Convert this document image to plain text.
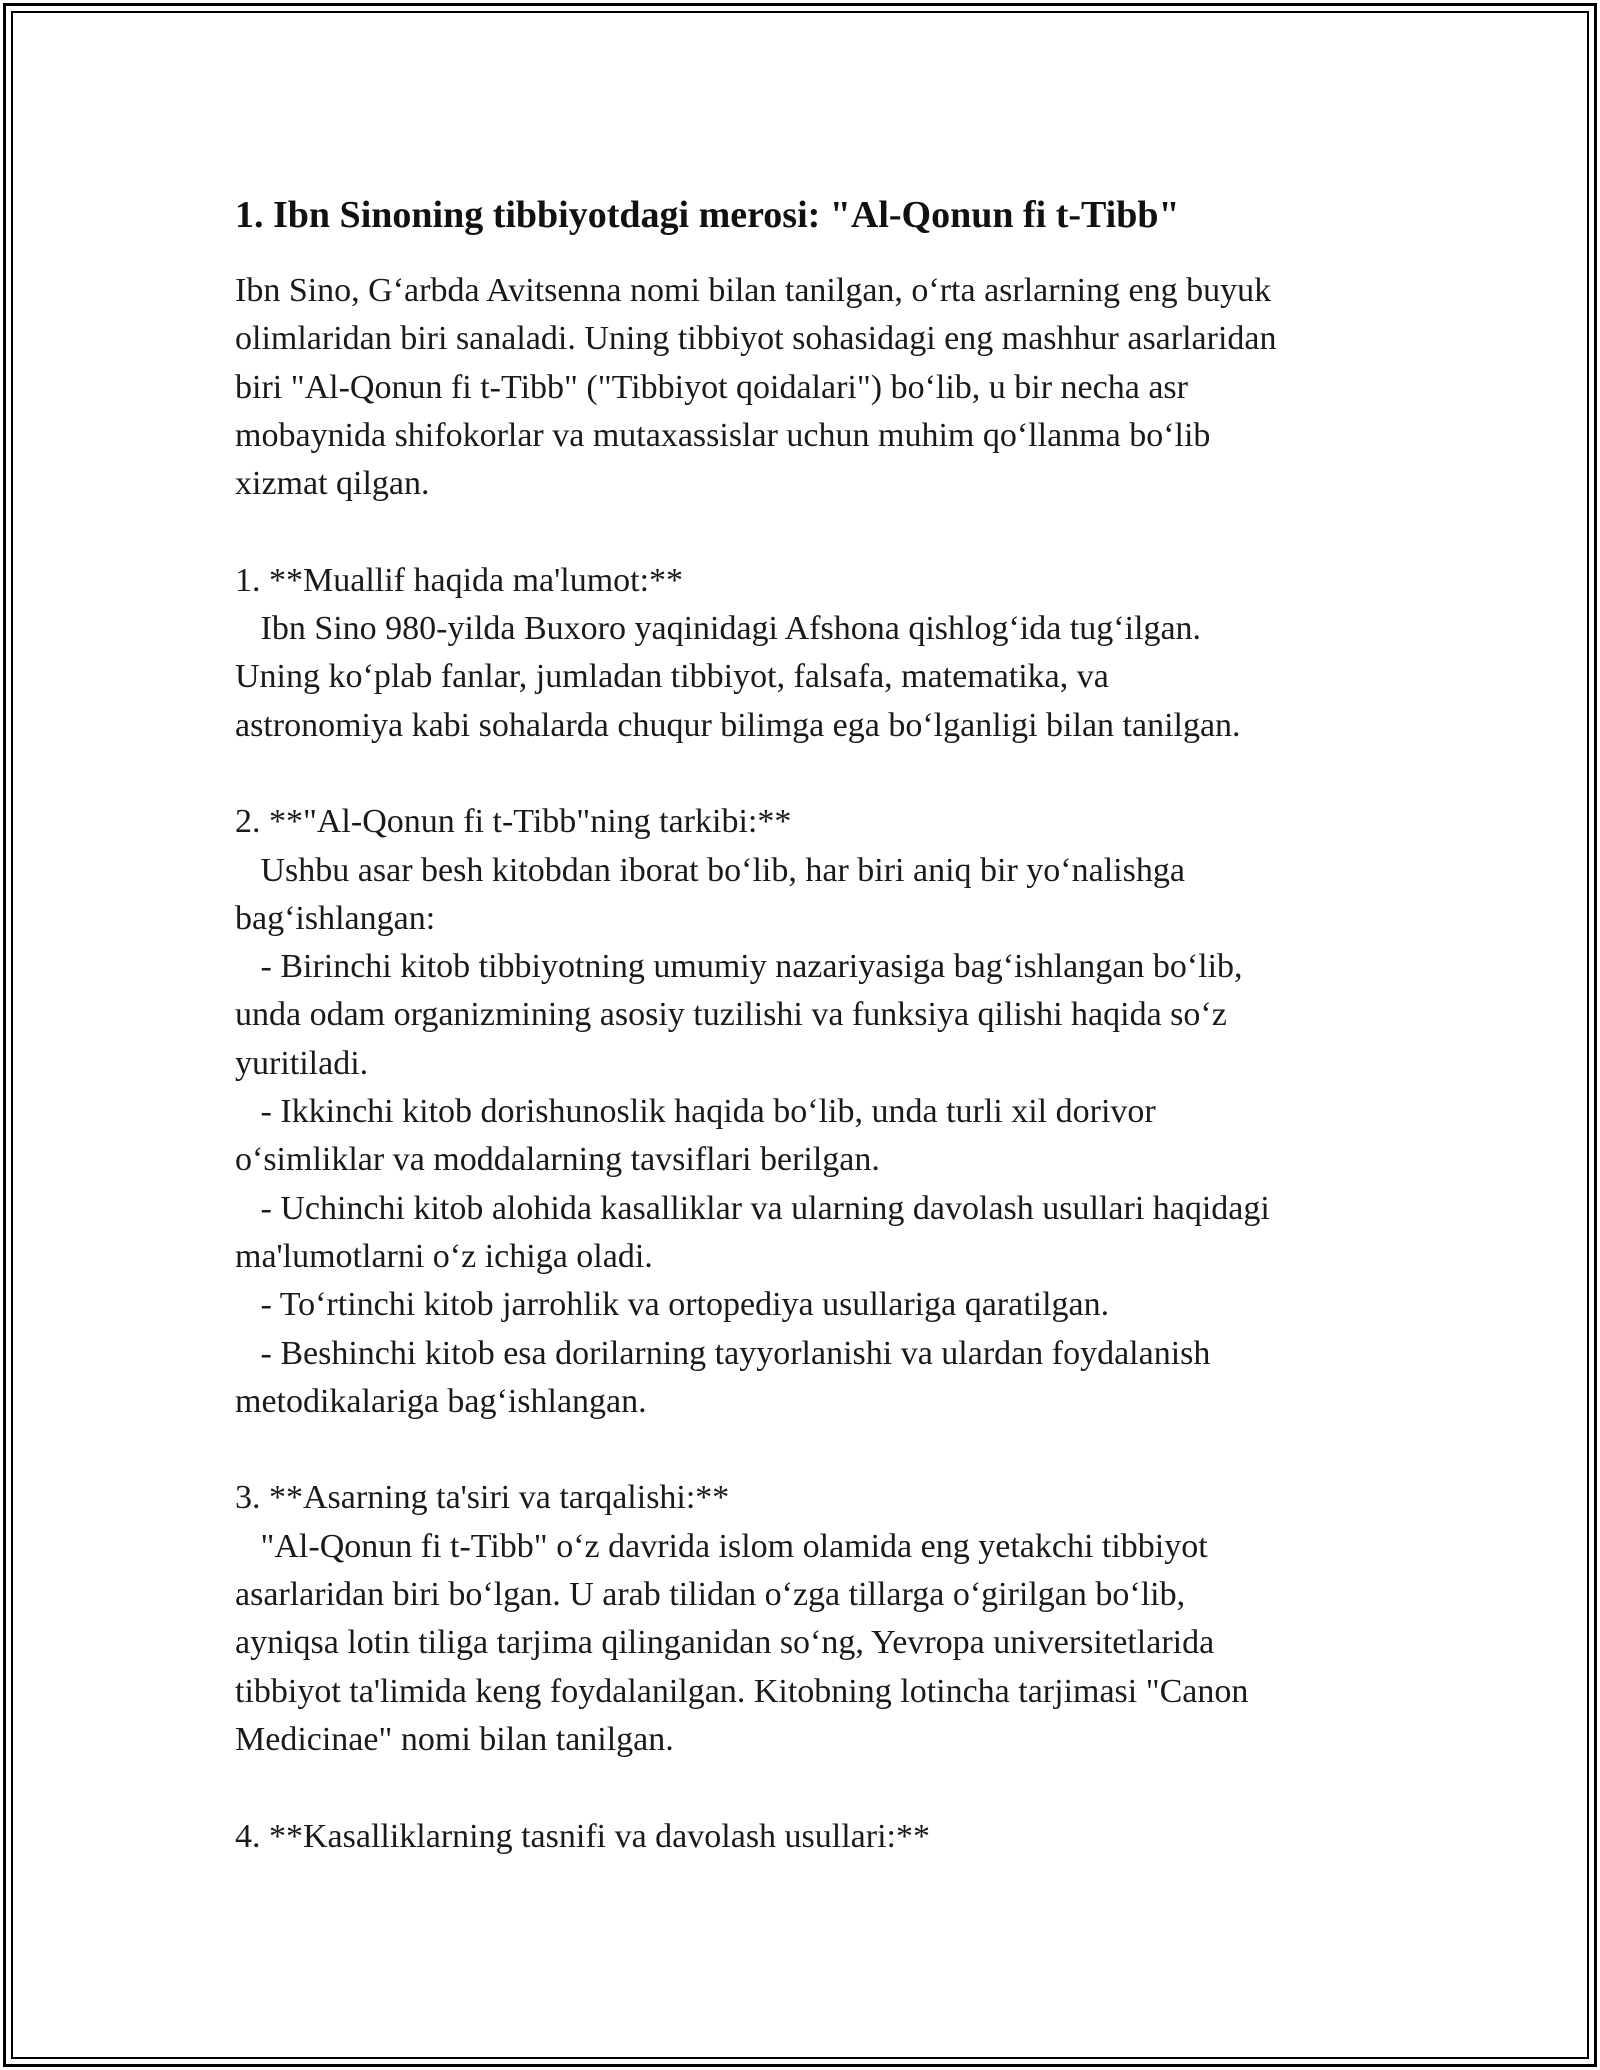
1. Ibn Sinoning tibbiyotdagi merosi: "Al-Qonun fi t-Tibb"

Ibn Sino, G‘arbda Avitsenna nomi bilan tanilgan, o‘rta asrlarning eng buyuk
olimlaridan biri sanaladi. Uning tibbiyot sohasidagi eng mashhur asarlaridan
biri "Al-Qonun fi t-Tibb" ("Tibbiyot qoidalari") bo‘lib, u bir necha asr
mobaynida shifokorlar va mutaxassislar uchun muhim qo‘llanma bo‘lib
xizmat qilgan.

1. **Muallif haqida ma'lumot:**
Ibn Sino 980-yilda Buxoro yaqinidagi Afshona qishlog‘ida tug‘ilgan.
Uning ko‘plab fanlar, jumladan tibbiyot, falsafa, matematika, va
astronomiya kabi sohalarda chuqur bilimga ega bo‘lganligi bilan tanilgan.

2. **"Al-Qonun fi t-Tibb"ning tarkibi:**
Ushbu asar besh kitobdan iborat bo‘lib, har biri aniq bir yo‘nalishga
bag‘ishlangan:
- Birinchi kitob tibbiyotning umumiy nazariyasiga bag‘ishlangan bo‘lib,
unda odam organizmining asosiy tuzilishi va funksiya qilishi haqida so‘z
yuritiladi.
- Ikkinchi kitob dorishunoslik haqida bo‘lib, unda turli xil dorivor
o‘simliklar va moddalarning tavsiflari berilgan.
- Uchinchi kitob alohida kasalliklar va ularning davolash usullari haqidagi
ma'lumotlarni o‘z ichiga oladi.
- To‘rtinchi kitob jarrohlik va ortopediya usullariga qaratilgan.
- Beshinchi kitob esa dorilarning tayyorlanishi va ulardan foydalanish
metodikalariga bag‘ishlangan.

3. **Asarning ta'siri va tarqalishi:**
"Al-Qonun fi t-Tibb" o‘z davrida islom olamida eng yetakchi tibbiyot
asarlaridan biri bo‘lgan. U arab tilidan o‘zga tillarga o‘girilgan bo‘lib,
ayniqsa lotin tiliga tarjima qilinganidan so‘ng, Yevropa universitetlarida
tibbiyot ta'limida keng foydalanilgan. Kitobning lotincha tarjimasi "Canon
Medicinae" nomi bilan tanilgan.

4. **Kasalliklarning tasnifi va davolash usullari:**
